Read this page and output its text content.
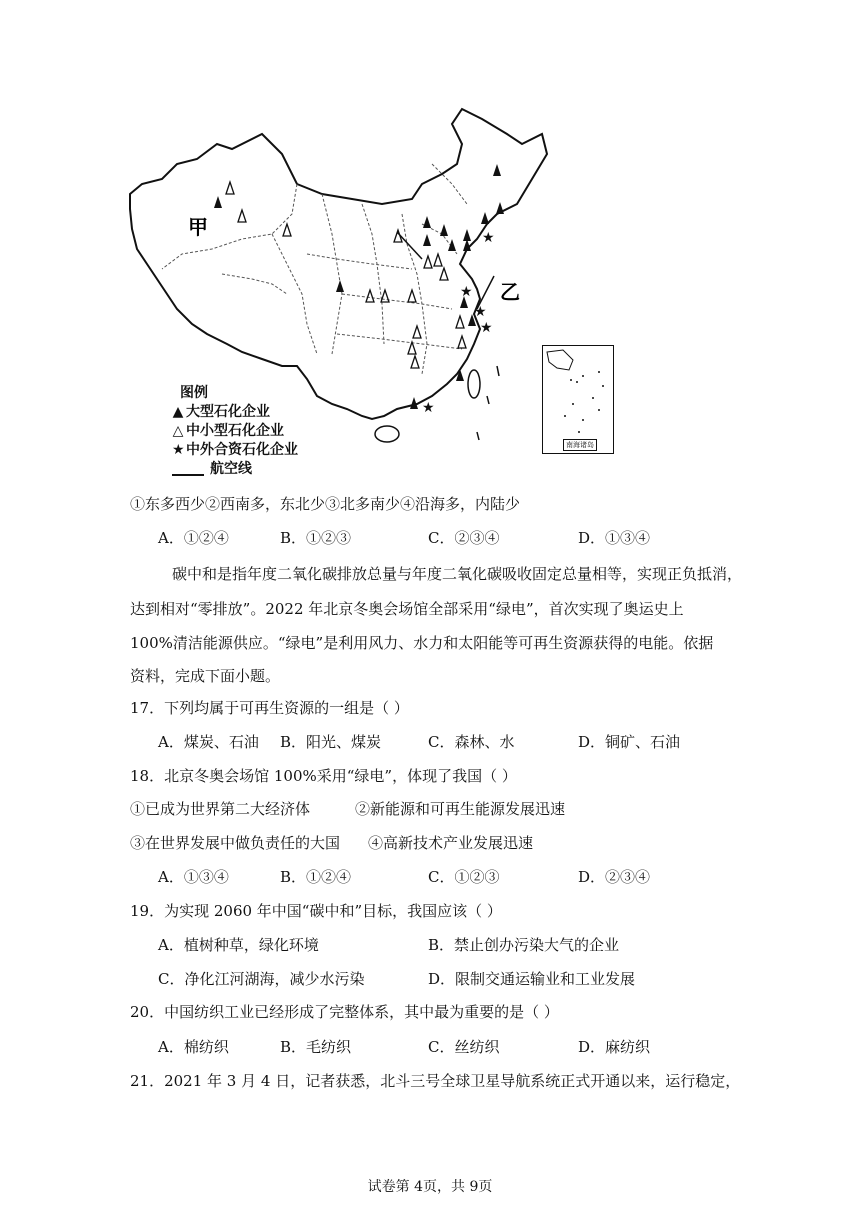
★
★
★
★
★
甲
乙
南海诸岛
图例
▲ 大型石化企业
△ 中小型石化企业
★ 中外合资石化企业
航空线
①东多西少②西南多，东北少③北多南少④沿海多，内陆少
A．①②④	B．①②③	C．②③④	D．①③④
碳中和是指年度二氧化碳排放总量与年度二氧化碳吸收固定总量相等，实现正负抵消，
达到相对“零排放”。2022 年北京冬奥会场馆全部采用“绿电”，首次实现了奥运史上
100%清洁能源供应。“绿电”是利用风力、水力和太阳能等可再生资源获得的电能。依据
资料，完成下面小题。
17．下列均属于可再生资源的一组是（ ）
A．煤炭、石油 B．阳光、煤炭	C．森林、水	D．铜矿、石油
18．北京冬奥会场馆 100%采用“绿电”，体现了我国（ ）
①已成为世界第二大经济体	②新能源和可再生能源发展迅速
③在世界发展中做负责任的大国 ④高新技术产业发展迅速
A．①③④	B．①②④	C．①②③	D．②③④
19．为实现 2060 年中国“碳中和”目标，我国应该（ ）
A．植树种草，绿化环境	B．禁止创办污染大气的企业
C．净化江河湖海，减少水污染	D．限制交通运输业和工业发展
20．中国纺织工业已经形成了完整体系，其中最为重要的是（ ）
A．棉纺织	B．毛纺织	C．丝纺织	D．麻纺织
21．2021 年 3 月 4 日，记者获悉，北斗三号全球卫星导航系统正式开通以来，运行稳定，
试卷第 4页，共 9页
